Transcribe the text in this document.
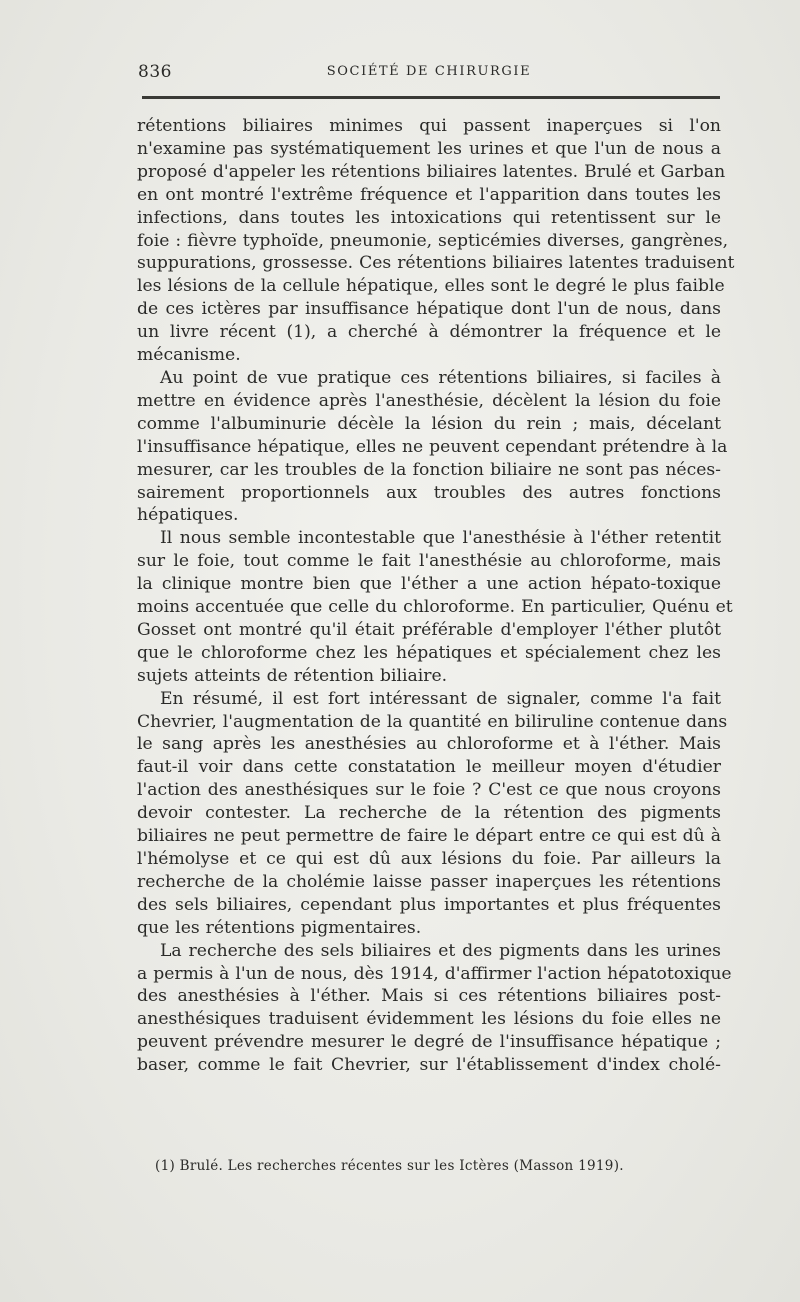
836	SOCIÉTÉ DE CHIRURGIE
rétentions biliaires minimes qui passent inaperçues si l'on
n'examine pas systématiquement les urines et que l'un de nous a
proposé d'appeler les rétentions biliaires latentes. Brulé et Garban
en ont montré l'extrême fréquence et l'apparition dans toutes les
infections, dans toutes les intoxications qui retentissent sur le
foie : fièvre typhoïde, pneumonie, septicémies diverses, gangrènes,
suppurations, grossesse. Ces rétentions biliaires latentes traduisent
les lésions de la cellule hépatique, elles sont le degré le plus faible
de ces ictères par insuffisance hépatique dont l'un de nous, dans
un livre récent (1), a cherché à démontrer la fréquence et le
mécanisme.
Au point de vue pratique ces rétentions biliaires, si faciles à
mettre en évidence après l'anesthésie, décèlent la lésion du foie
comme l'albuminurie décèle la lésion du rein ; mais, décelant
l'insuffisance hépatique, elles ne peuvent cependant prétendre à la
mesurer, car les troubles de la fonction biliaire ne sont pas néces-
sairement proportionnels aux troubles des autres fonctions
hépatiques.
Il nous semble incontestable que l'anesthésie à l'éther retentit
sur le foie, tout comme le fait l'anesthésie au chloroforme, mais
la clinique montre bien que l'éther a une action hépato-toxique
moins accentuée que celle du chloroforme. En particulier, Quénu et
Gosset ont montré qu'il était préférable d'employer l'éther plutôt
que le chloroforme chez les hépatiques et spécialement chez les
sujets atteints de rétention biliaire.
En résumé, il est fort intéressant de signaler, comme l'a fait
Chevrier, l'augmentation de la quantité en biliruline contenue dans
le sang après les anesthésies au chloroforme et à l'éther. Mais
faut-il voir dans cette constatation le meilleur moyen d'étudier
l'action des anesthésiques sur le foie ? C'est ce que nous croyons
devoir contester. La recherche de la rétention des pigments
biliaires ne peut permettre de faire le départ entre ce qui est dû à
l'hémolyse et ce qui est dû aux lésions du foie. Par ailleurs la
recherche de la cholémie laisse passer inaperçues les rétentions
des sels biliaires, cependant plus importantes et plus fréquentes
que les rétentions pigmentaires.
La recherche des sels biliaires et des pigments dans les urines
a permis à l'un de nous, dès 1914, d'affirmer l'action hépatotoxique
des anesthésies à l'éther. Mais si ces rétentions biliaires post-
anesthésiques traduisent évidemment les lésions du foie elles ne
peuvent prévendre mesurer le degré de l'insuffisance hépatique ;
baser, comme le fait Chevrier, sur l'établissement d'index cholé-
(1) Brulé. Les recherches récentes sur les Ictères (Masson 1919).
